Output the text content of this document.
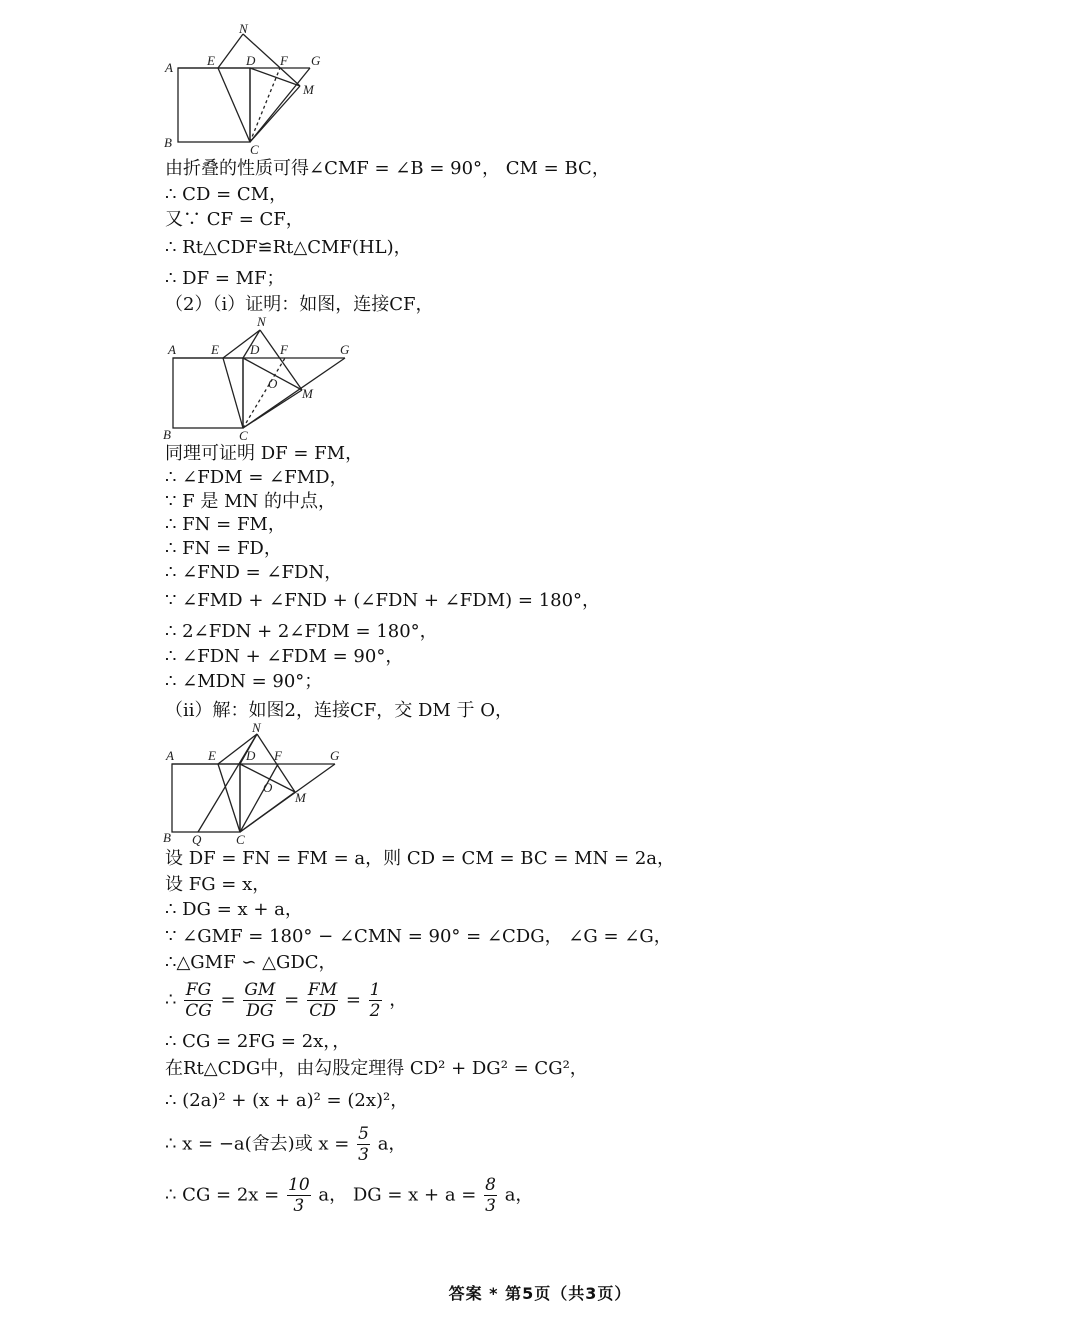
N
A	E D F G
M
B	C
由折叠的性质可得∠CMF = ∠B = 90°， CM = BC，
∴ CD = CM，
又∵ CF = CF，
∴ Rt△CDF≌Rt△CMF(HL)，
∴ DF = MF；
（2）（i）证明：如图，连接CF，
N
A	E D F	G
O
M
B	C
同理可证明 DF = FM，
∴ ∠FDM = ∠FMD，
∵ F 是 MN 的中点，
∴ FN = FM，
∴ FN = FD，
∴ ∠FND = ∠FDN，
∵ ∠FMD + ∠FND + (∠FDN + ∠FDM) = 180°，
∴ 2∠FDN + 2∠FDM = 180°，
∴ ∠FDN + ∠FDM = 90°，
∴ ∠MDN = 90°；
（ii）解：如图2，连接CF，交 DM 于 O，
N
A	E D F	G
O
M
B Q	C
设 DF = FN = FM = a，则 CD = CM = BC = MN = 2a，
设 FG = x，
∴ DG = x + a，
∵ ∠GMF = 180° − ∠CMN = 90° = ∠CDG， ∠G = ∠G，
∴△GMF ∽ △GDC，
∴ $\frac{FG}{CG} = \frac{GM}{DG} = \frac{FM}{CD} = \frac{1}{2}$ ，
∴ CG = 2FG = 2x，，
在Rt△CDG中，由勾股定理得 CD² + DG² = CG²，
∴ (2a)² + (x + a)² = (2x)²，
∴ x = −a(舍去)或 $x = \frac{5}{3}$ a，
∴ CG = $2x = \frac{10}{3}$ a， DG = $x + a = \frac{8}{3}$ a，
答案 * 第5页（共3页）
